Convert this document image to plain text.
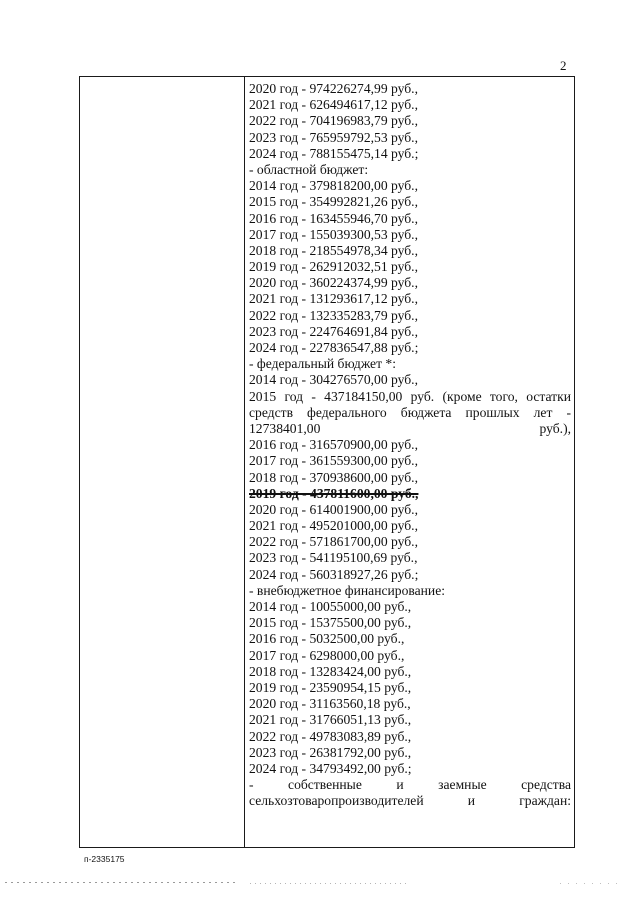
2
2020 год - 974226274,99 руб.,
2021 год - 626494617,12 руб.,
2022 год - 704196983,79 руб.,
2023 год - 765959792,53 руб.,
2024 год - 788155475,14 руб.;
- областной бюджет:
2014 год - 379818200,00 руб.,
2015 год - 354992821,26 руб.,
2016 год - 163455946,70 руб.,
2017 год - 155039300,53 руб.,
2018 год - 218554978,34 руб.,
2019 год - 262912032,51 руб.,
2020 год - 360224374,99 руб.,
2021 год - 131293617,12 руб.,
2022 год - 132335283,79 руб.,
2023 год - 224764691,84 руб.,
2024 год - 227836547,88 руб.;
- федеральный бюджет *:
2014 год - 304276570,00 руб.,
2015 год - 437184150,00 руб. (кроме того, остатки средств федерального бюджета прошлых лет - 12738401,00 руб.),
2016 год - 316570900,00 руб.,
2017 год - 361559300,00 руб.,
2018 год - 370938600,00 руб.,
2019 год - 437811600,00 руб.,
2020 год - 614001900,00 руб.,
2021 год - 495201000,00 руб.,
2022 год - 571861700,00 руб.,
2023 год - 541195100,69 руб.,
2024 год - 560318927,26 руб.;
- внебюджетное финансирование:
2014 год - 10055000,00 руб.,
2015 год - 15375500,00 руб.,
2016 год - 5032500,00 руб.,
2017 год - 6298000,00 руб.,
2018 год - 13283424,00 руб.,
2019 год - 23590954,15 руб.,
2020 год - 31163560,18 руб.,
2021 год - 31766051,13 руб.,
2022 год - 49783083,89 руб.,
2023 год - 26381792,00 руб.,
2024 год - 34793492,00 руб.;
- собственные и заемные средства сельхозтоваропроизводителей и граждан:
п-2335175
